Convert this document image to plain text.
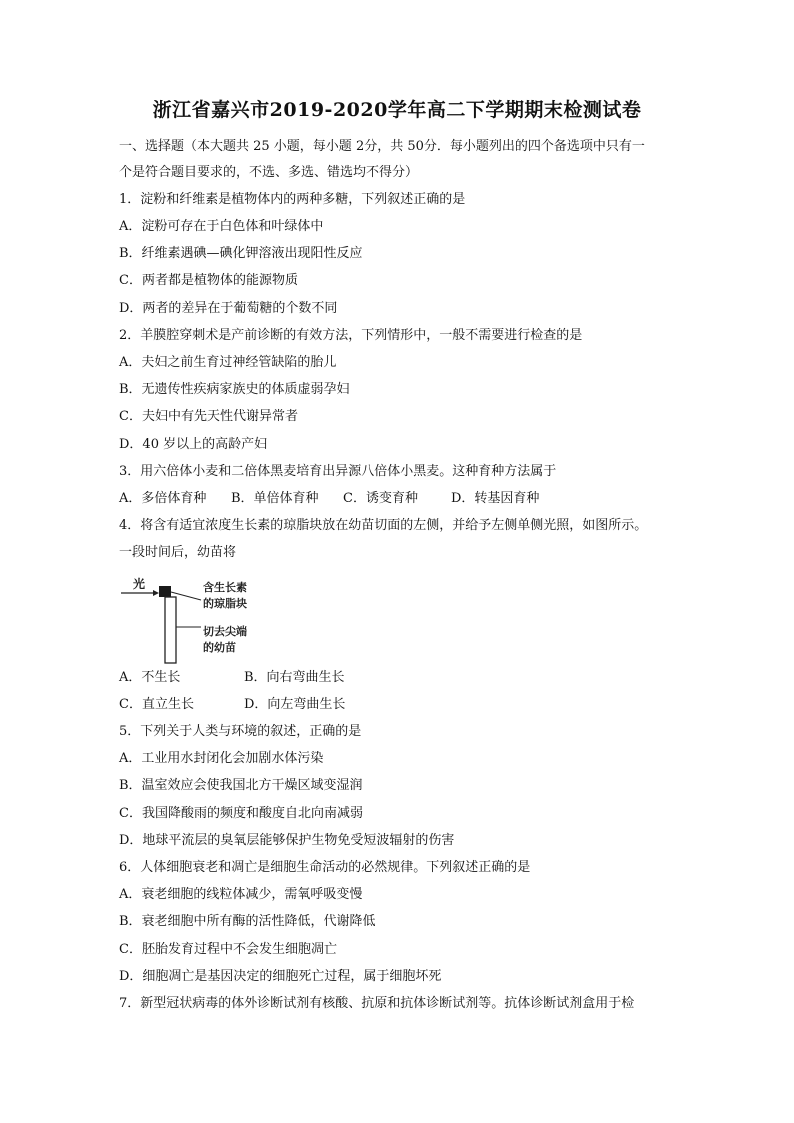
浙江省嘉兴市2019-2020学年高二下学期期末检测试卷
一、选择题（本大题共 25 小题，每小题 2分，共 50分．每小题列出的四个备选项中只有一
个是符合题目要求的，不选、多选、错选均不得分）
1．淀粉和纤维素是植物体内的两种多糖，下列叙述正确的是
A．淀粉可存在于白色体和叶绿体中
B．纤维素遇碘—碘化钾溶液出现阳性反应
C．两者都是植物体的能源物质
D．两者的差异在于葡萄糖的个数不同
2．羊膜腔穿刺术是产前诊断的有效方法，下列情形中，一般不需要进行检查的是
A．夫妇之前生育过神经管缺陷的胎儿
B．无遗传性疾病家族史的体质虚弱孕妇
C．夫妇中有先天性代谢异常者
D．40 岁以上的高龄产妇
3．用六倍体小麦和二倍体黑麦培育出异源八倍体小黑麦。这种育种方法属于
A．多倍体育种 B．单倍体育种 C．诱变育种	D．转基因育种
4．将含有适宜浓度生长素的琼脂块放在幼苗切面的左侧，并给予左侧单侧光照，如图所示。
一段时间后，幼苗将
光	含生长素
的琼脂块
切去尖端
的幼苗
A．不生长	B．向右弯曲生长
C．直立生长	D．向左弯曲生长
5．下列关于人类与环境的叙述，正确的是
A．工业用水封闭化会加剧水体污染
B．温室效应会使我国北方干燥区域变湿润
C．我国降酸雨的频度和酸度自北向南减弱
D．地球平流层的臭氧层能够保护生物免受短波辐射的伤害
6．人体细胞衰老和凋亡是细胞生命活动的必然规律。下列叙述正确的是
A．衰老细胞的线粒体减少，需氧呼吸变慢
B．衰老细胞中所有酶的活性降低，代谢降低
C．胚胎发育过程中不会发生细胞凋亡
D．细胞凋亡是基因决定的细胞死亡过程，属于细胞坏死
7．新型冠状病毒的体外诊断试剂有核酸、抗原和抗体诊断试剂等。抗体诊断试剂盒用于检
